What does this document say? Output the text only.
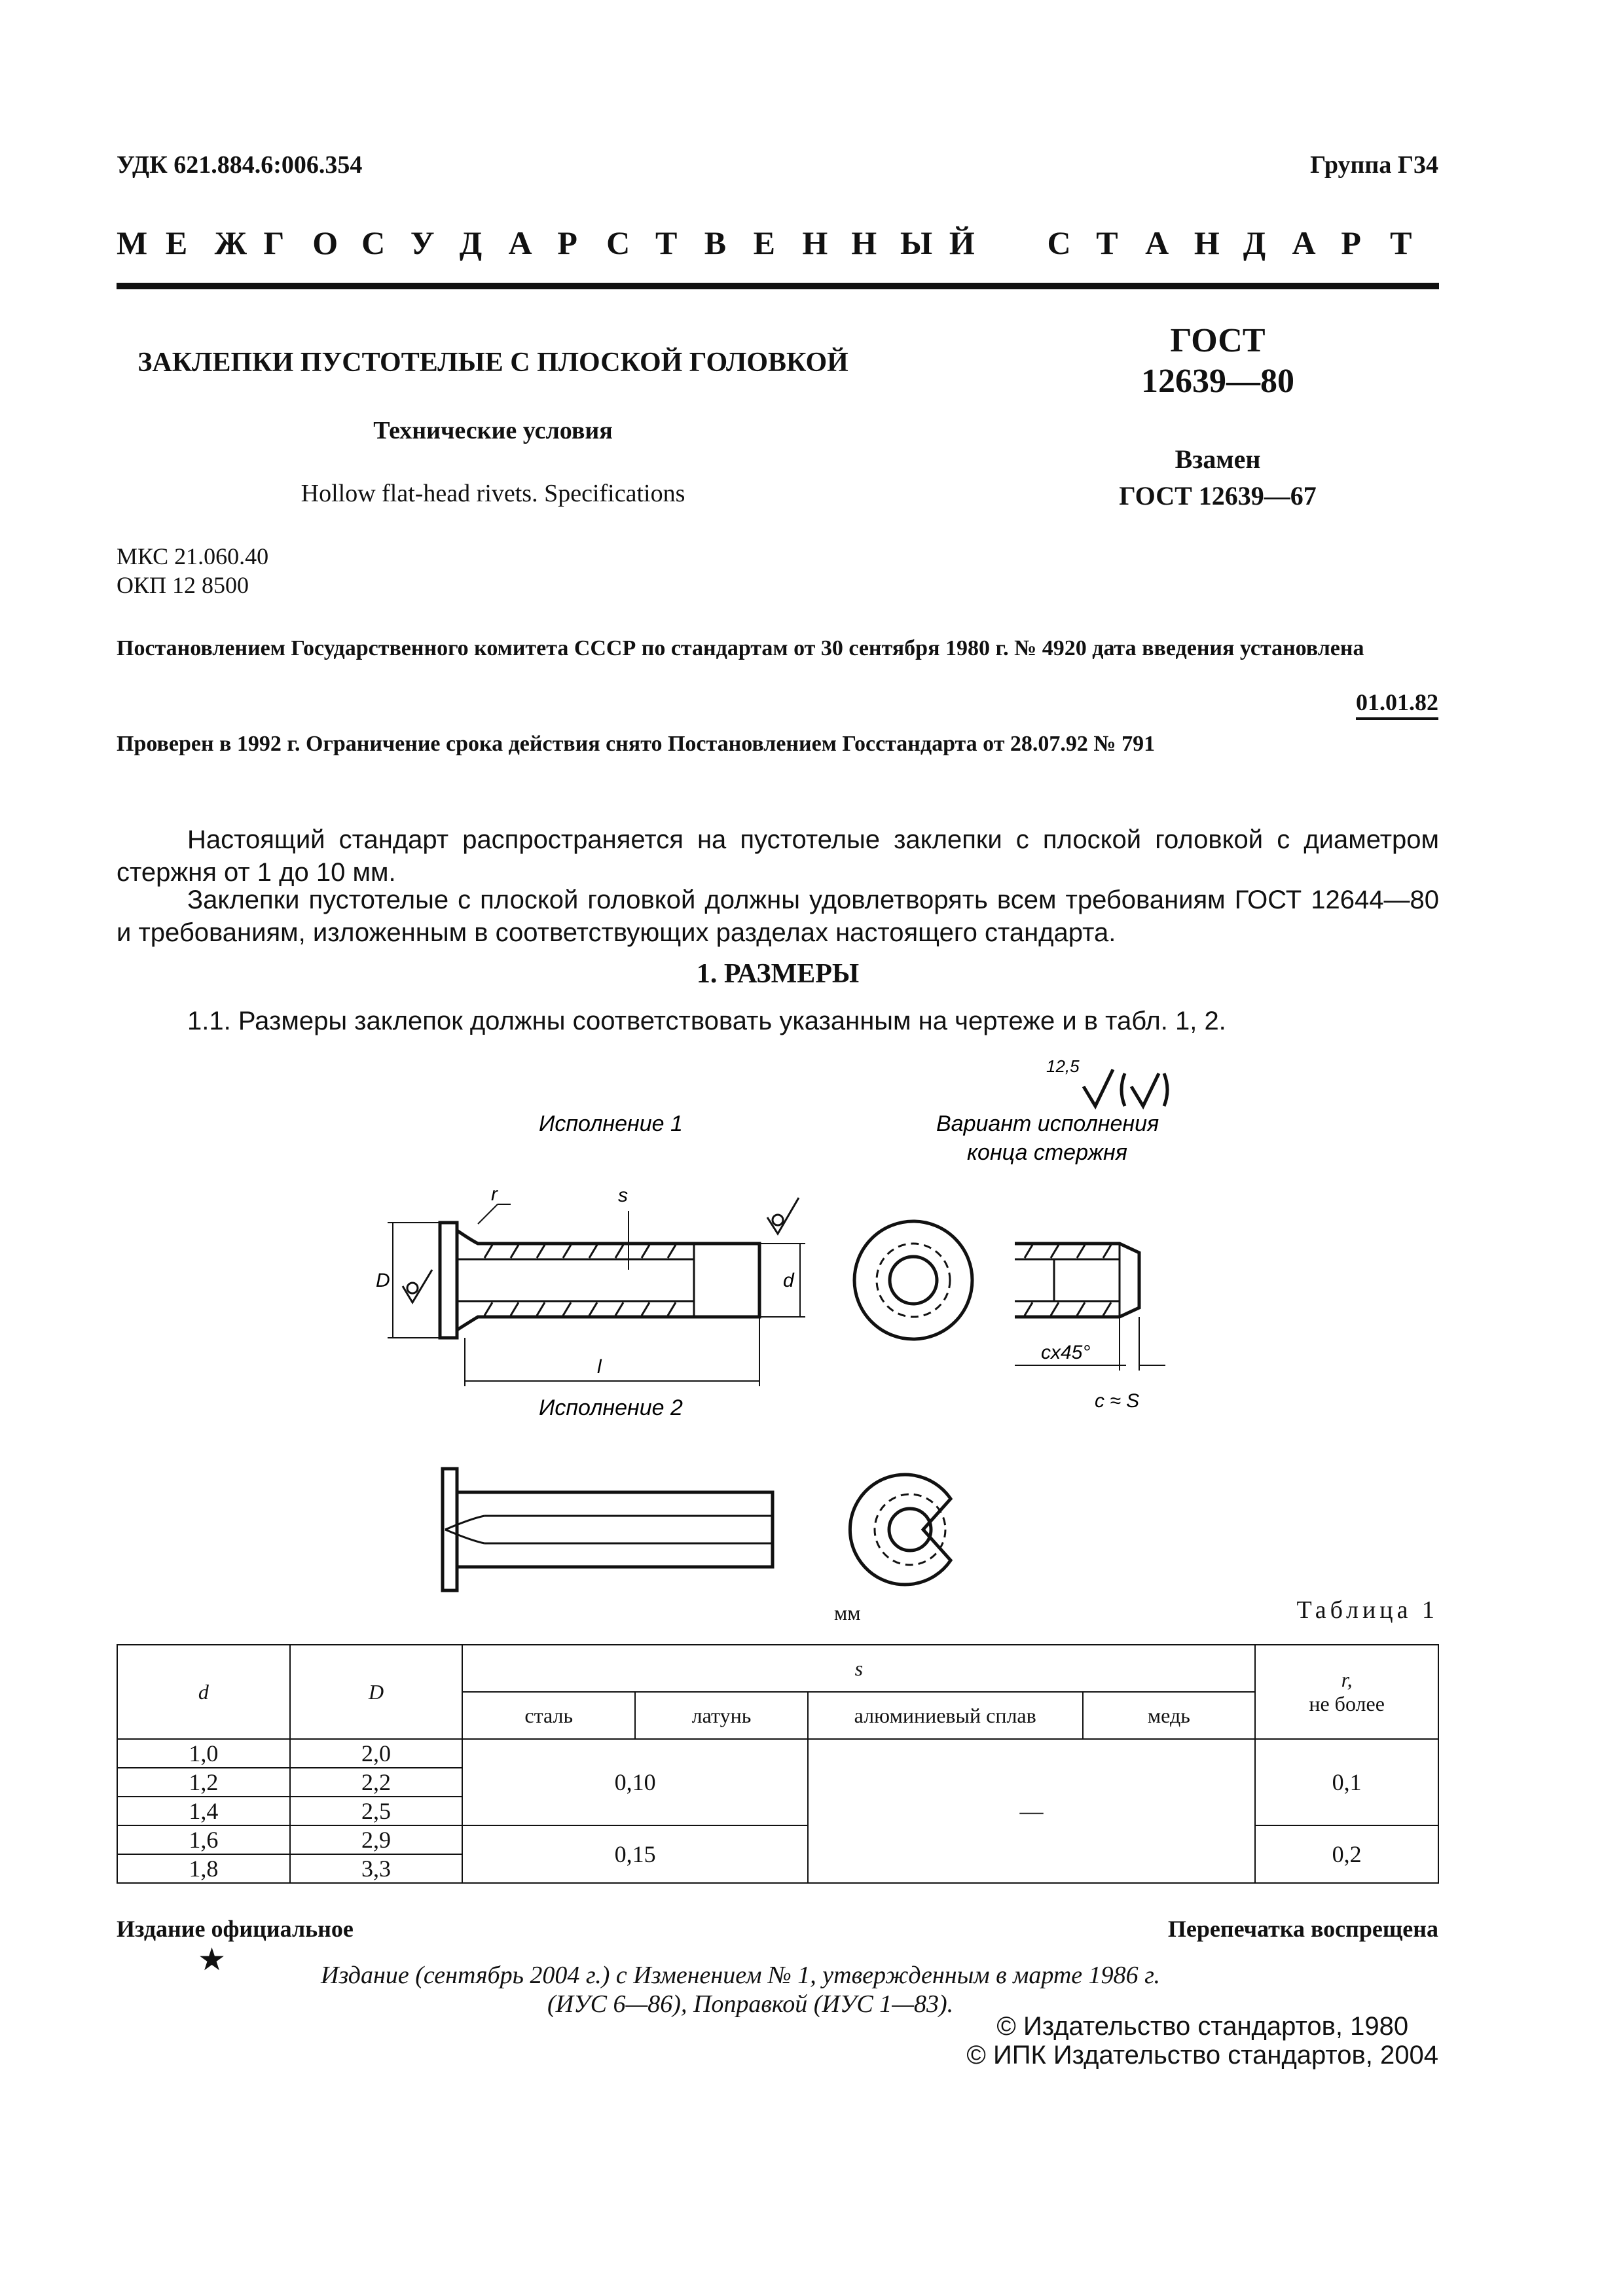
УДК 621.884.6:006.354	Группа Г34
М Е Ж Г О С У Д А Р С Т В Е Н Н Ы Й С Т А Н Д А Р Т
ЗАКЛЕПКИ ПУСТОТЕЛЫЕ С ПЛОСКОЙ ГОЛОВКОЙ
Технические условия
Hollow flat-head rivets. Specifications
ГОСТ
12639—80
Взамен
ГОСТ 12639—67
МКС 21.060.40
ОКП 12 8500
Постановлением Государственного комитета СССР по стандартам от 30 сентября 1980 г. № 4920 дата введения установлена
01.01.82
Проверен в 1992 г. Ограничение срока действия снято Постановлением Госстандарта от 28.07.92 № 791
Настоящий стандарт распространяется на пустотелые заклепки с плоской головкой с диаметром стержня от 1 до 10 мм.
Заклепки пустотелые с плоской головкой должны удовлетворять всем требованиям ГОСТ 12644—80 и требованиям, изложенным в соответствующих разделах настоящего стандарта.
1. РАЗМЕРЫ
1.1. Размеры заклепок должны соответствовать указанным на чертеже и в табл. 1, 2.
12,5
Исполнение 1	Вариант исполнения
конца стержня
r	s
D	d
l
cx45°
c ≈ S
Исполнение 2
мм	Таблица 1
d	D	s				r,
не более

		сталь	латунь	алюминиевый сплав	медь	
1,0	2,0	0,10		—		0,1
1,2	2,2					
1,4	2,5					
1,6	2,9	0,15				0,2
1,8	3,3					
Издание официальное	Перепечатка воспрещена
★	Издание (сентябрь 2004 г.) с Изменением № 1, утвержденным в марте 1986 г.
(ИУС 6—86), Поправкой (ИУС 1—83).
© Издательство стандартов, 1980
© ИПК Издательство стандартов, 2004
